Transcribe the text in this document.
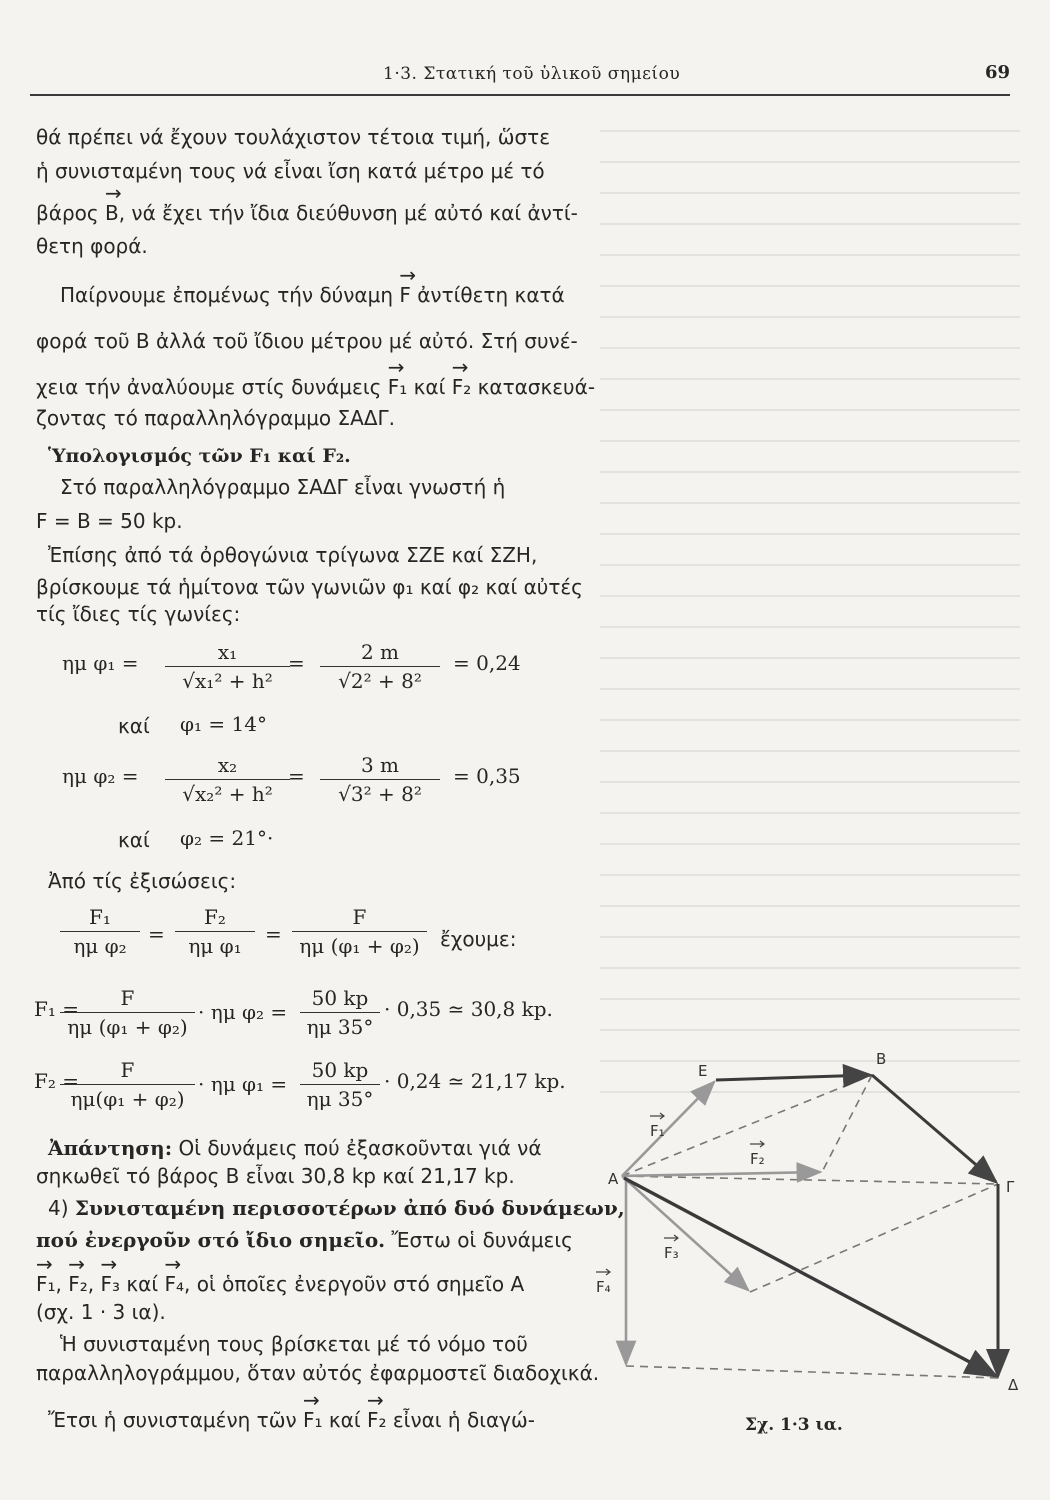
1·3. Στατική τοῦ ὑλικοῦ σημείου	69
θά πρέπει νά ἔχουν τουλάχιστον τέτοια τιμή, ὥστε
ἡ συνισταμένη τους νά εἶναι ἴση κατά μέτρο μέ τό
βάρος → B, νά ἔχει τήν ἴδια διεύθυνση μέ αὐτό καί ἀντί-
θετη φορά.
Παίρνουμε ἐπομένως τήν δύναμη → F ἀντίθετη κατά
φορά τοῦ B ἀλλά τοῦ ἴδιου μέτρου μέ αὐτό. Στή συνέ-
χεια τήν ἀναλύουμε στίς δυνάμεις → F₁ καί → F₂ κατασκευά-
ζοντας τό παραλληλόγραμμο ΣΑΔΓ.
Ὑπολογισμός τῶν F₁ καί F₂.
Στό παραλληλόγραμμο ΣΑΔΓ εἶναι γνωστή ἡ
F = B = 50 kp.
Ἐπίσης ἀπό τά ὀρθογώνια τρίγωνα ΣΖΕ καί ΣΖΗ,
βρίσκουμε τά ἡμίτονα τῶν γωνιῶν φ₁ καί φ₂ καί αὐτές
τίς ἴδιες τίς γωνίες:
ημ $\varphi_1 = \frac{\text{x₁}}{\text{√x₁² + h²}}$
= $\frac{2 m}{\text{√2² + 8²}} = 0,24$
καί φ₁ = 14°
ημ $\varphi_2 = \frac{\text{x₂}}{\text{√x₂² + h²}}$
= $\frac{3 m}{\text{√3² + 8²}} = 0,35$
καί φ₂ = 21°·
Ἀπό τίς ἐξισώσεις:
$\frac{\text{F₁}}{\text{ημ φ₂}} = \frac{\text{F₂}}{\text{ημ φ₁}} = \frac{F}{\text{ημ (φ₁ + φ₂)}}$ ἔχουμε:
F₁ =
$\frac{F}{\text{ημ (φ₁ + φ₂)}} \cdot \eta\mu$ $\varphi_2 = \frac{50 kp}{\eta\mu 35^\circ} \cdot 0,35$ ≃ 30,8 kp.
F₂ =
$\frac{F}{\text{ημ(φ₁ + φ₂)}} \cdot \eta\mu$ $\varphi_1 = \frac{50 kp}{\eta\mu 35^\circ} \cdot 0,24$ ≃ 21,17 kp.
Ἀπάντηση: Οἱ δυνάμεις πού ἐξασκοῦνται γιά νά
σηκωθεῖ τό βάρος B εἶναι 30,8 kp καί 21,17 kp.
4) Συνισταμένη περισσοτέρων ἀπό δυό δυνάμεων,
πού ἐνεργοῦν στό ἴδιο σημεῖο. Ἔστω οἱ δυνάμεις
→ F₁, → F₂, → F₃ καί → F₄, οἱ ὁποῖες ἐνεργοῦν στό σημεῖο A
(σχ. 1 · 3 ια).
Ἡ συνισταμένη τους βρίσκεται μέ τό νόμο τοῦ
παραλληλογράμμου, ὅταν αὐτός ἐφαρμοστεῖ διαδοχικά.
Ἔτσι ἡ συνισταμένη τῶν → F₁ καί → F₂ εἶναι ἡ διαγώ-
E
B
A	Γ
Δ
F₁
F₂
F₃
F₄
Σχ. 1·3 ια.
